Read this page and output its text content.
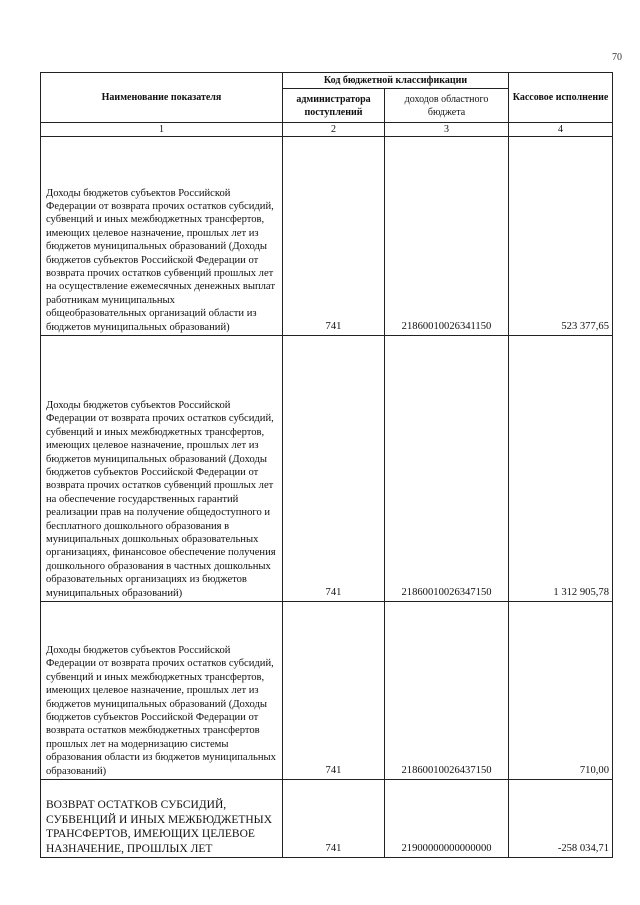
70
Наименование показателя	Код бюджетной классификации		Кассовое исполнение
	администратора поступлений	доходов областного бюджета	
1	2	3	4
Доходы бюджетов субъектов Российской Федерации от возврата прочих остатков субсидий, субвенций и иных межбюджетных трансфертов, имеющих целевое назначение, прошлых лет из бюджетов муниципальных образований (Доходы бюджетов субъектов Российской Федерации от возврата прочих остатков субвенций прошлых лет на осуществление ежемесячных денежных выплат работникам муниципальных общеобразовательных организаций области из бюджетов муниципальных образований)	741	21860010026341150	523 377,65
Доходы бюджетов субъектов Российской Федерации от возврата прочих остатков субсидий, субвенций и иных межбюджетных трансфертов, имеющих целевое назначение, прошлых лет из бюджетов муниципальных образований (Доходы бюджетов субъектов Российской Федерации от возврата прочих остатков субвенций прошлых лет на обеспечение государственных гарантий реализации прав на получение общедоступного и бесплатного дошкольного образования в муниципальных дошкольных образовательных организациях, финансовое обеспечение получения дошкольного образования в частных дошкольных образовательных организациях из бюджетов муниципальных образований)	741	21860010026347150	1 312 905,78
Доходы бюджетов субъектов Российской Федерации от возврата прочих остатков субсидий, субвенций и иных межбюджетных трансфертов, имеющих целевое назначение, прошлых лет из бюджетов муниципальных образований (Доходы бюджетов субъектов Российской Федерации от возврата остатков межбюджетных трансфертов прошлых лет на модернизацию системы образования области из бюджетов муниципальных образований)	741	21860010026437150	710,00
ВОЗВРАТ ОСТАТКОВ СУБСИДИЙ, СУБВЕНЦИЙ И ИНЫХ МЕЖБЮДЖЕТНЫХ ТРАНСФЕРТОВ, ИМЕЮЩИХ ЦЕЛЕВОЕ НАЗНАЧЕНИЕ, ПРОШЛЫХ ЛЕТ	741	21900000000000000	-258 034,71
